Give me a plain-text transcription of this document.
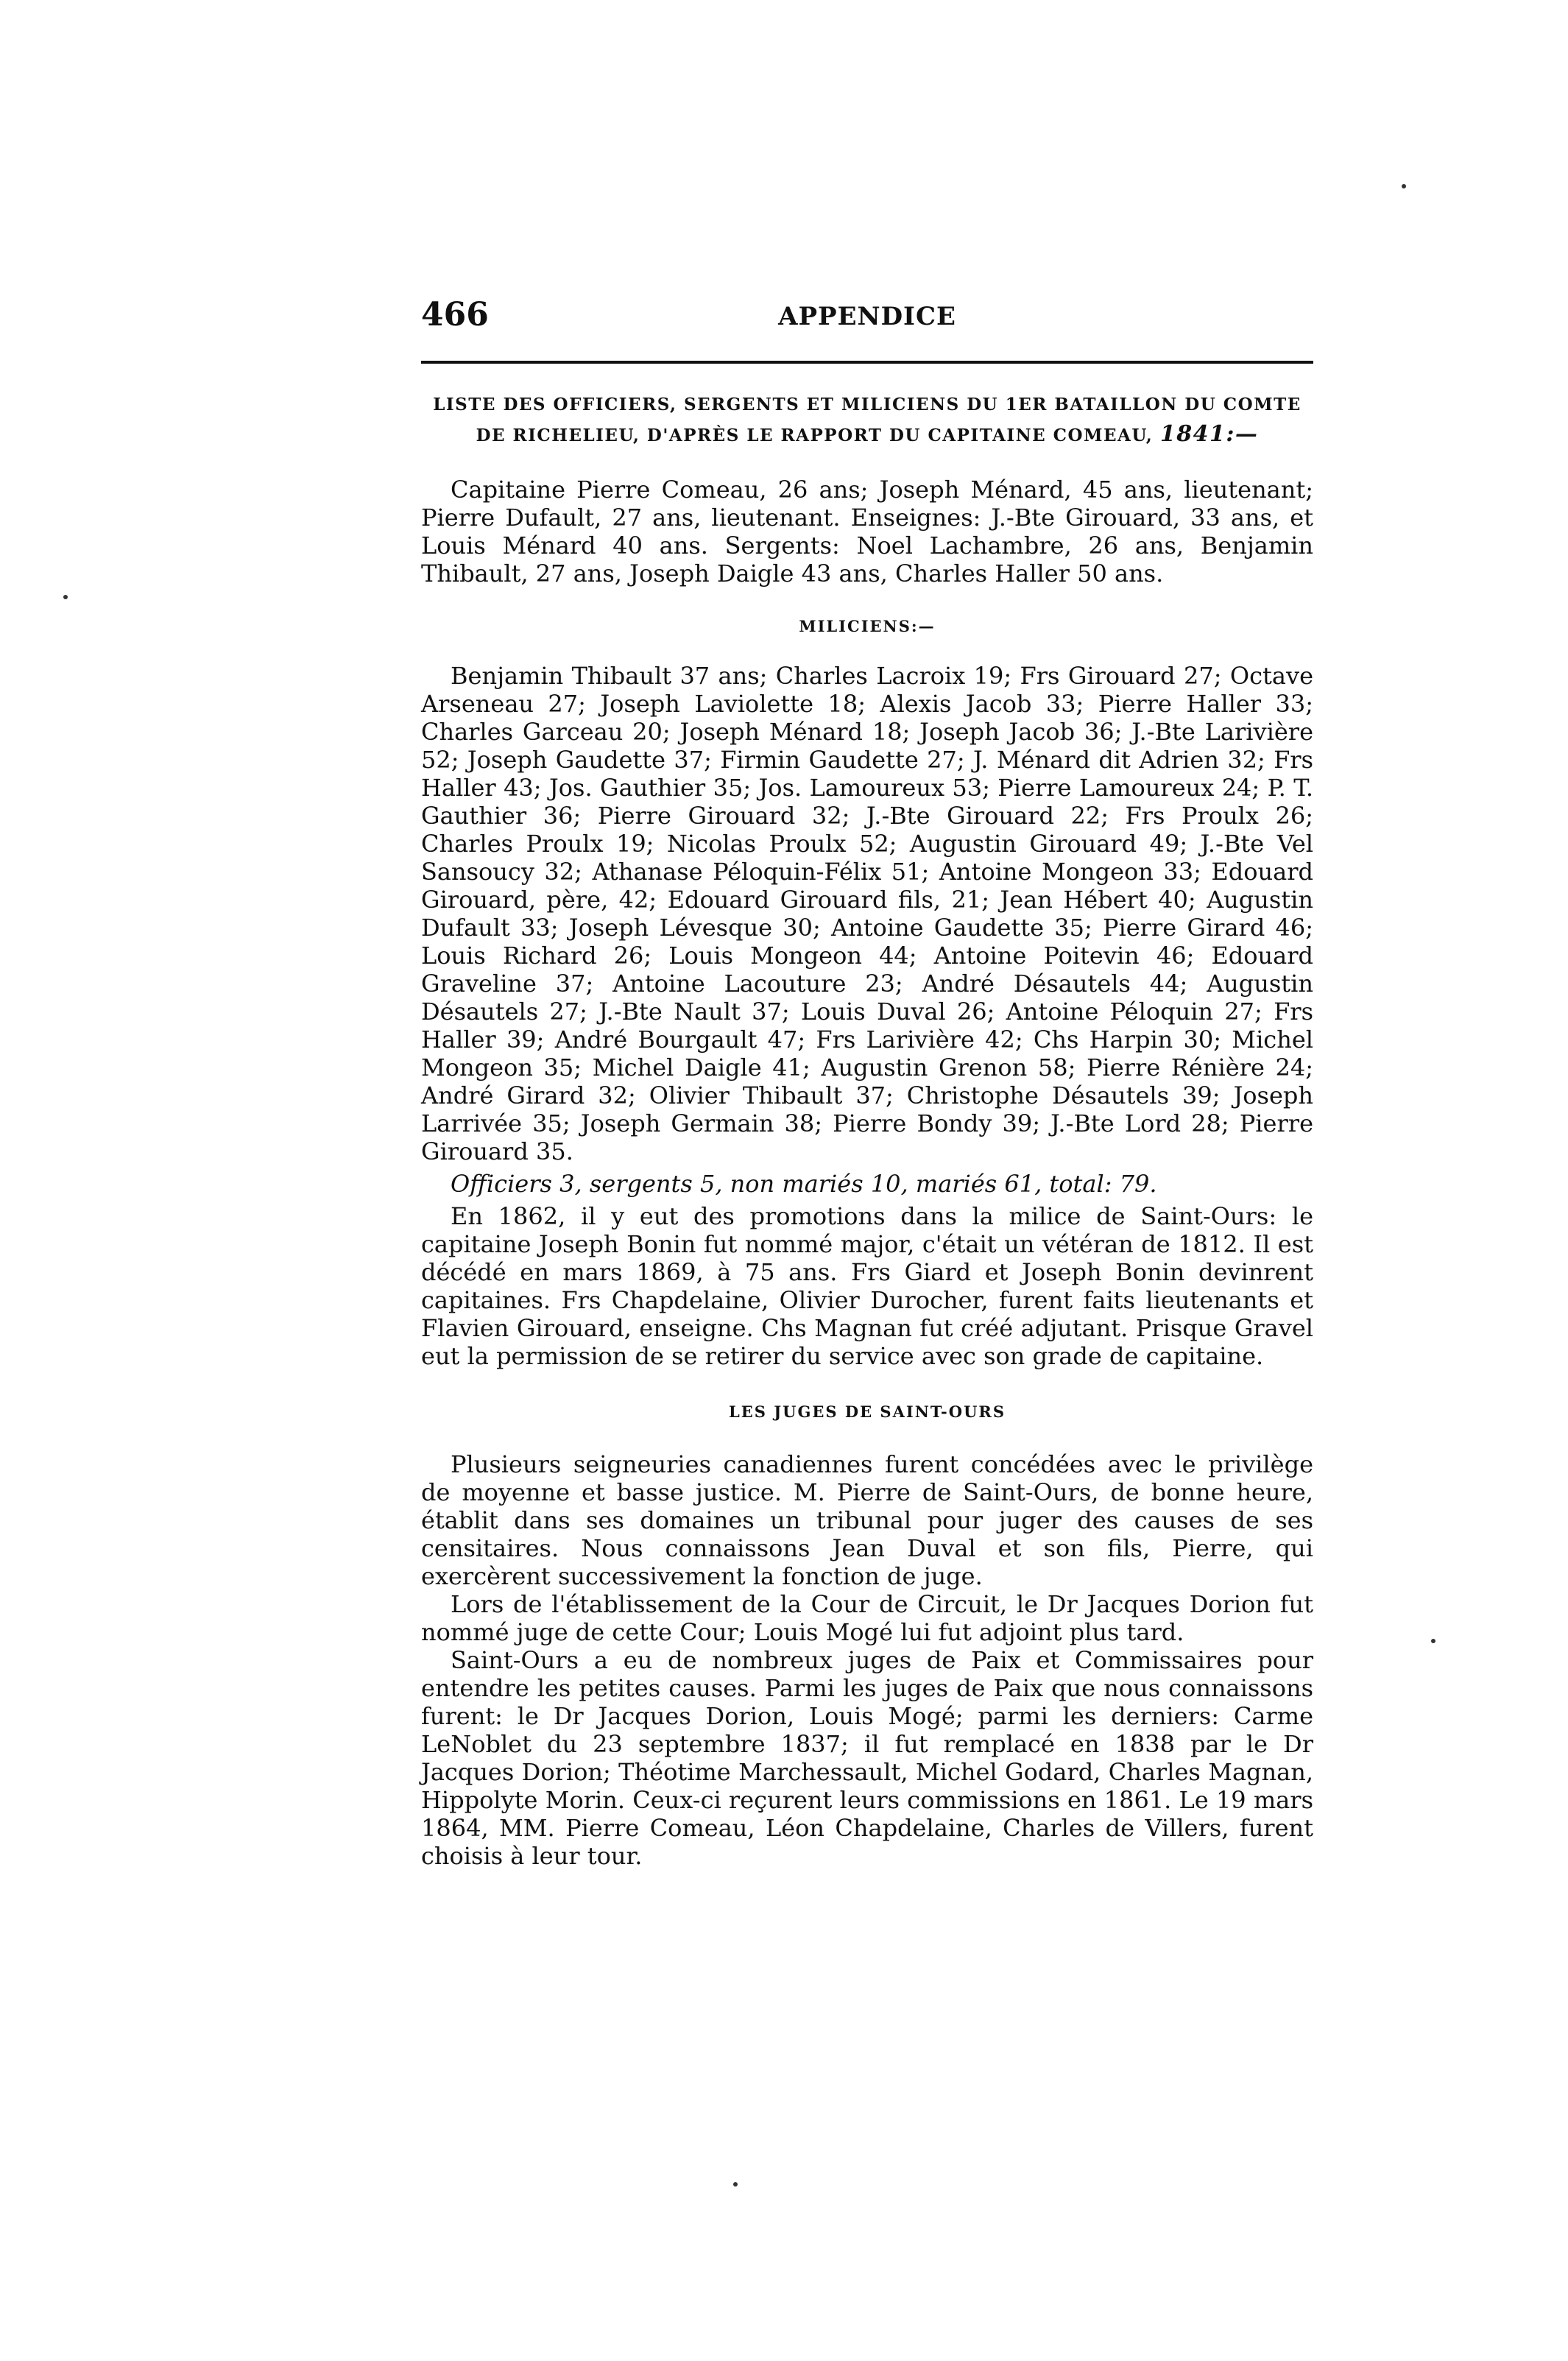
466	APPENDICE
LISTE DES OFFICIERS, SERGENTS ET MILICIENS DU 1ER BATAILLON DU COMTE DE RICHELIEU, D'APRÈS LE RAPPORT DU CAPITAINE COMEAU, 1841:—

Capitaine Pierre Comeau, 26 ans; Joseph Ménard, 45 ans, lieutenant; Pierre Dufault, 27 ans, lieutenant. Enseignes: J.-Bte Girouard, 33 ans, et Louis Ménard 40 ans. Sergents: Noel Lachambre, 26 ans, Benjamin Thibault, 27 ans, Joseph Daigle 43 ans, Charles Haller 50 ans.

MILICIENS:—

Benjamin Thibault 37 ans; Charles Lacroix 19; Frs Girouard 27; Octave Arseneau 27; Joseph Laviolette 18; Alexis Jacob 33; Pierre Haller 33; Charles Garceau 20; Joseph Ménard 18; Joseph Jacob 36; J.-Bte Larivière 52; Joseph Gaudette 37; Firmin Gaudette 27; J. Ménard dit Adrien 32; Frs Haller 43; Jos. Gauthier 35; Jos. Lamoureux 53; Pierre Lamoureux 24; P. T. Gauthier 36; Pierre Girouard 32; J.-Bte Girouard 22; Frs Proulx 26; Charles Proulx 19; Nicolas Proulx 52; Augustin Girouard 49; J.-Bte Vel Sansoucy 32; Athanase Péloquin-Félix 51; Antoine Mongeon 33; Edouard Girouard, père, 42; Edouard Girouard fils, 21; Jean Hébert 40; Augustin Dufault 33; Joseph Lévesque 30; Antoine Gaudette 35; Pierre Girard 46; Louis Richard 26; Louis Mongeon 44; Antoine Poitevin 46; Edouard Graveline 37; Antoine Lacouture 23; André Désautels 44; Augustin Désautels 27; J.-Bte Nault 37; Louis Duval 26; Antoine Péloquin 27; Frs Haller 39; André Bourgault 47; Frs Larivière 42; Chs Harpin 30; Michel Mongeon 35; Michel Daigle 41; Augustin Grenon 58; Pierre Rénière 24; André Girard 32; Olivier Thibault 37; Christophe Désautels 39; Joseph Larrivée 35; Joseph Germain 38; Pierre Bondy 39; J.-Bte Lord 28; Pierre Girouard 35.

Officiers 3, sergents 5, non mariés 10, mariés 61, total: 79.

En 1862, il y eut des promotions dans la milice de Saint-Ours: le capitaine Joseph Bonin fut nommé major, c'était un vétéran de 1812. Il est décédé en mars 1869, à 75 ans. Frs Giard et Joseph Bonin devinrent capitaines. Frs Chapdelaine, Olivier Durocher, furent faits lieutenants et Flavien Girouard, enseigne. Chs Magnan fut créé adjutant. Prisque Gravel eut la permission de se retirer du service avec son grade de capitaine.

LES JUGES DE SAINT-OURS

Plusieurs seigneuries canadiennes furent concédées avec le privilège de moyenne et basse justice. M. Pierre de Saint-Ours, de bonne heure, établit dans ses domaines un tribunal pour juger des causes de ses censitaires. Nous connaissons Jean Duval et son fils, Pierre, qui exercèrent successivement la fonction de juge.

Lors de l'établissement de la Cour de Circuit, le Dr Jacques Dorion fut nommé juge de cette Cour; Louis Mogé lui fut adjoint plus tard.

Saint-Ours a eu de nombreux juges de Paix et Commissaires pour entendre les petites causes. Parmi les juges de Paix que nous connaissons furent: le Dr Jacques Dorion, Louis Mogé; parmi les derniers: Carme LeNoblet du 23 septembre 1837; il fut remplacé en 1838 par le Dr Jacques Dorion; Théotime Marchessault, Michel Godard, Charles Magnan, Hippolyte Morin. Ceux-ci reçurent leurs commissions en 1861. Le 19 mars 1864, MM. Pierre Comeau, Léon Chapdelaine, Charles de Villers, furent choisis à leur tour.
